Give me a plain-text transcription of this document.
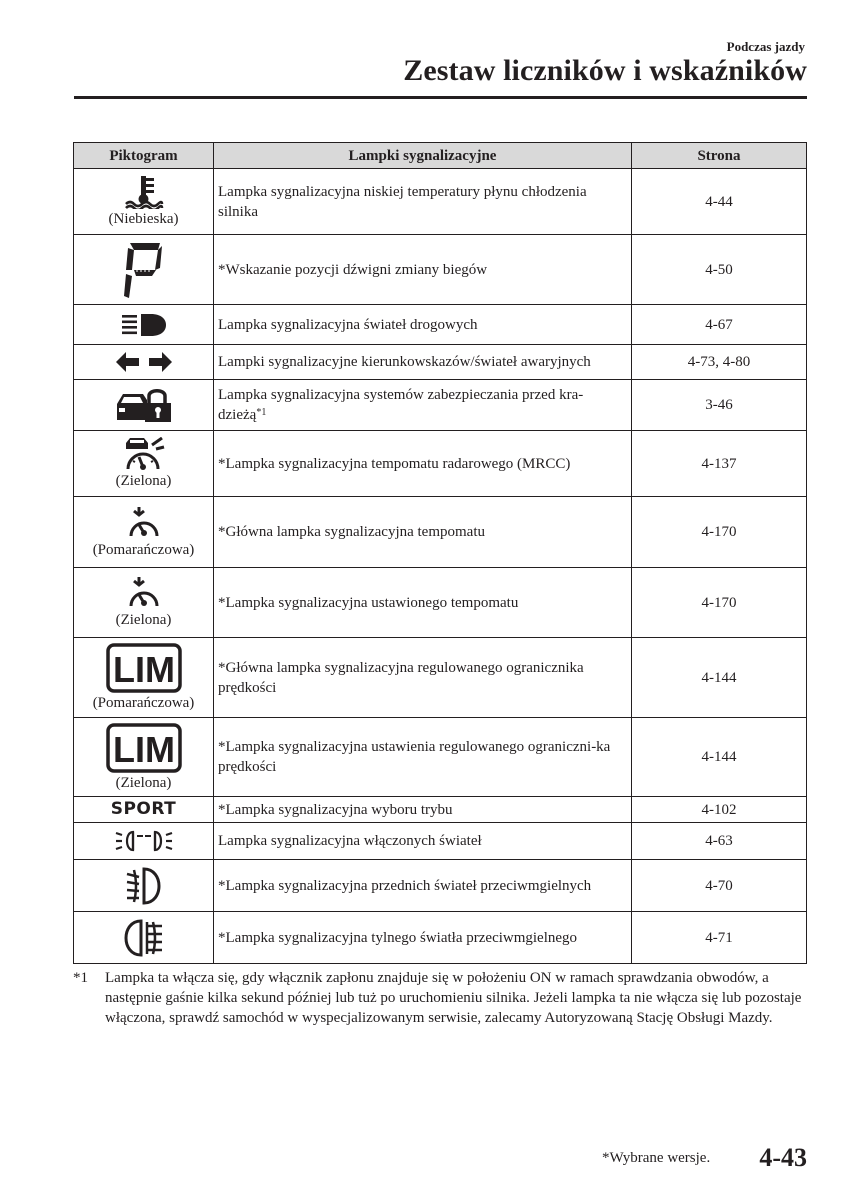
Podczas jazdy
Zestaw liczników i wskaźników
Piktogram	Lampki sygnalizacyjne	Strona

(Niebieska)	Lampka sygnalizacyjna niskiej temperatury płynu chłodzenia silnika	4-44

	*Wskazanie pozycji dźwigni zmiany biegów	4-50

	Lampka sygnalizacyjna świateł drogowych	4-67

	Lampki sygnalizacyjne kierunkowskazów/świateł awaryjnych	4-73, 4-80

	Lampka sygnalizacyjna systemów zabezpieczania przed kra-dzieżą$^{*1}$	3-46

(Zielona)	*Lampka sygnalizacyjna tempomatu radarowego (MRCC)	4-137

(Pomarańczowa)	*Główna lampka sygnalizacyjna tempomatu	4-170

(Zielona)	*Lampka sygnalizacyjna ustawionego tempomatu	4-170

LIM
(Pomarańczowa)	*Główna lampka sygnalizacyjna regulowanego ogranicznika prędkości	4-144

LIM
(Zielona)	*Lampka sygnalizacyjna ustawienia regulowanego ograniczni-ka prędkości	4-144
SPORT	*Lampka sygnalizacyjna wyboru trybu	4-102

	Lampka sygnalizacyjna włączonych świateł	4-63

	*Lampka sygnalizacyjna przednich świateł przeciwmgielnych	4-70

	*Lampka sygnalizacyjna tylnego światła przeciwmgielnego	4-71
*1 Lampka ta włącza się, gdy włącznik zapłonu znajduje się w położeniu ON w ramach sprawdzania obwodów, a następnie gaśnie kilka sekund później lub tuż po uruchomieniu silnika. Jeżeli lampka ta nie włącza się lub pozostaje włączona, sprawdź samochód w wyspecjalizowanym serwisie, zalecamy Autoryzowaną Stację Obsługi Mazdy.
*Wybrane wersje. 4-43
